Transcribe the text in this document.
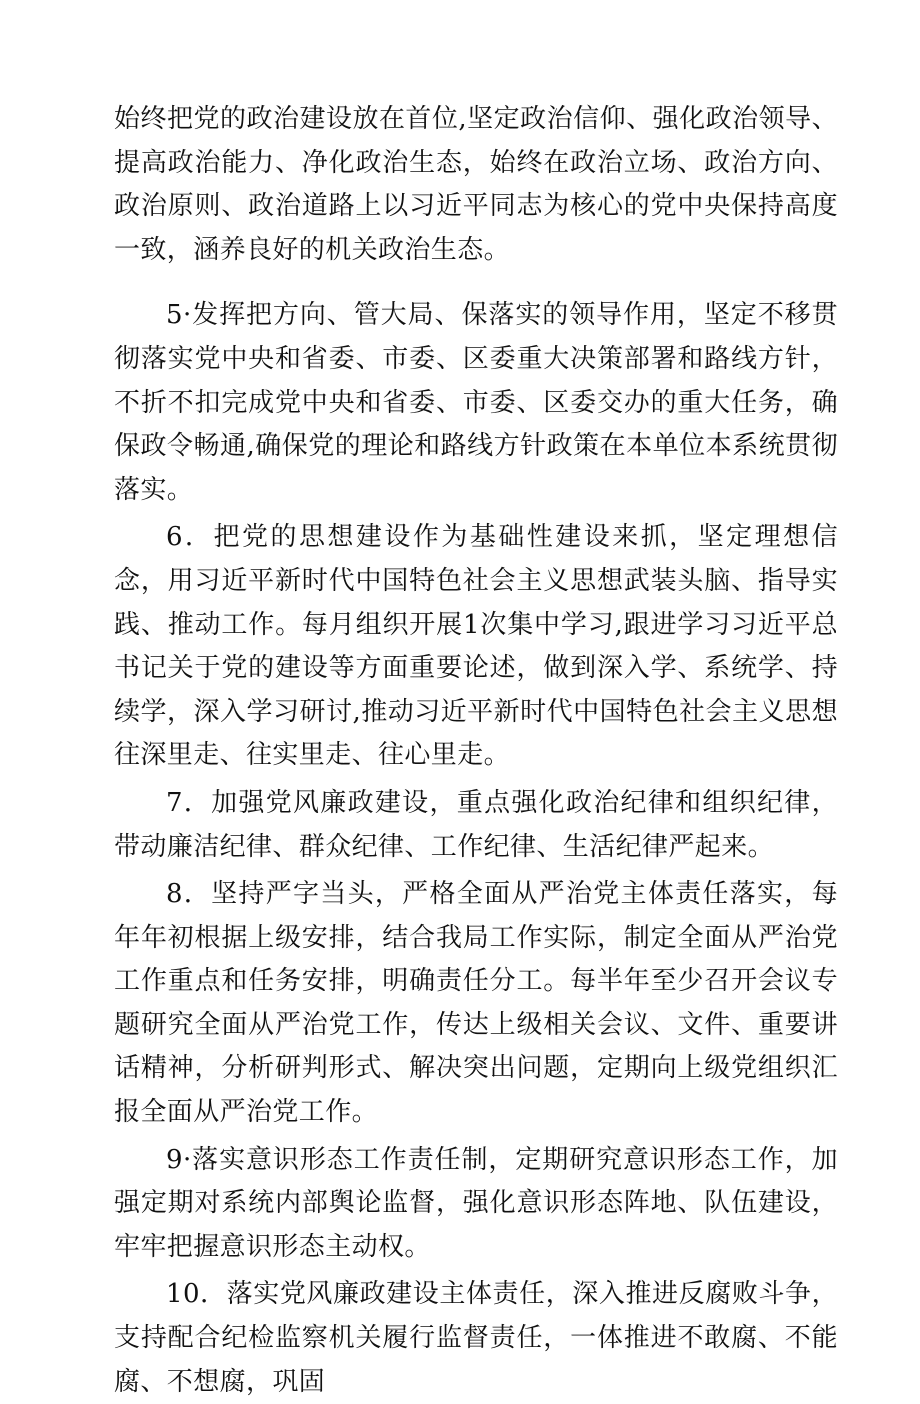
始终把党的政治建设放在首位,坚定政治信仰、强化政治领导、提高政治能力、净化政治生态，始终在政治立场、政治方向、政治原则、政治道路上以习近平同志为核心的党中央保持高度一致，涵养良好的机关政治生态。

5·发挥把方向、管大局、保落实的领导作用，坚定不移贯彻落实党中央和省委、市委、区委重大决策部署和路线方针，不折不扣完成党中央和省委、市委、区委交办的重大任务，确保政令畅通,确保党的理论和路线方针政策在本单位本系统贯彻落实。

6．把党的思想建设作为基础性建设来抓，坚定理想信念，用习近平新时代中国特色社会主义思想武装头脑、指导实践、推动工作。每月组织开展1次集中学习,跟进学习习近平总书记关于党的建设等方面重要论述，做到深入学、系统学、持续学，深入学习研讨,推动习近平新时代中国特色社会主义思想往深里走、往实里走、往心里走。

7．加强党风廉政建设，重点强化政治纪律和组织纪律，带动廉洁纪律、群众纪律、工作纪律、生活纪律严起来。

8．坚持严字当头，严格全面从严治党主体责任落实，每年年初根据上级安排，结合我局工作实际，制定全面从严治党工作重点和任务安排，明确责任分工。每半年至少召开会议专题研究全面从严治党工作，传达上级相关会议、文件、重要讲话精神，分析研判形式、解决突出问题，定期向上级党组织汇报全面从严治党工作。

9·落实意识形态工作责任制，定期研究意识形态工作，加强定期对系统内部舆论监督，强化意识形态阵地、队伍建设，牢牢把握意识形态主动权。

10．落实党风廉政建设主体责任，深入推进反腐败斗争，支持配合纪检监察机关履行监督责任，一体推进不敢腐、不能腐、不想腐，巩固
